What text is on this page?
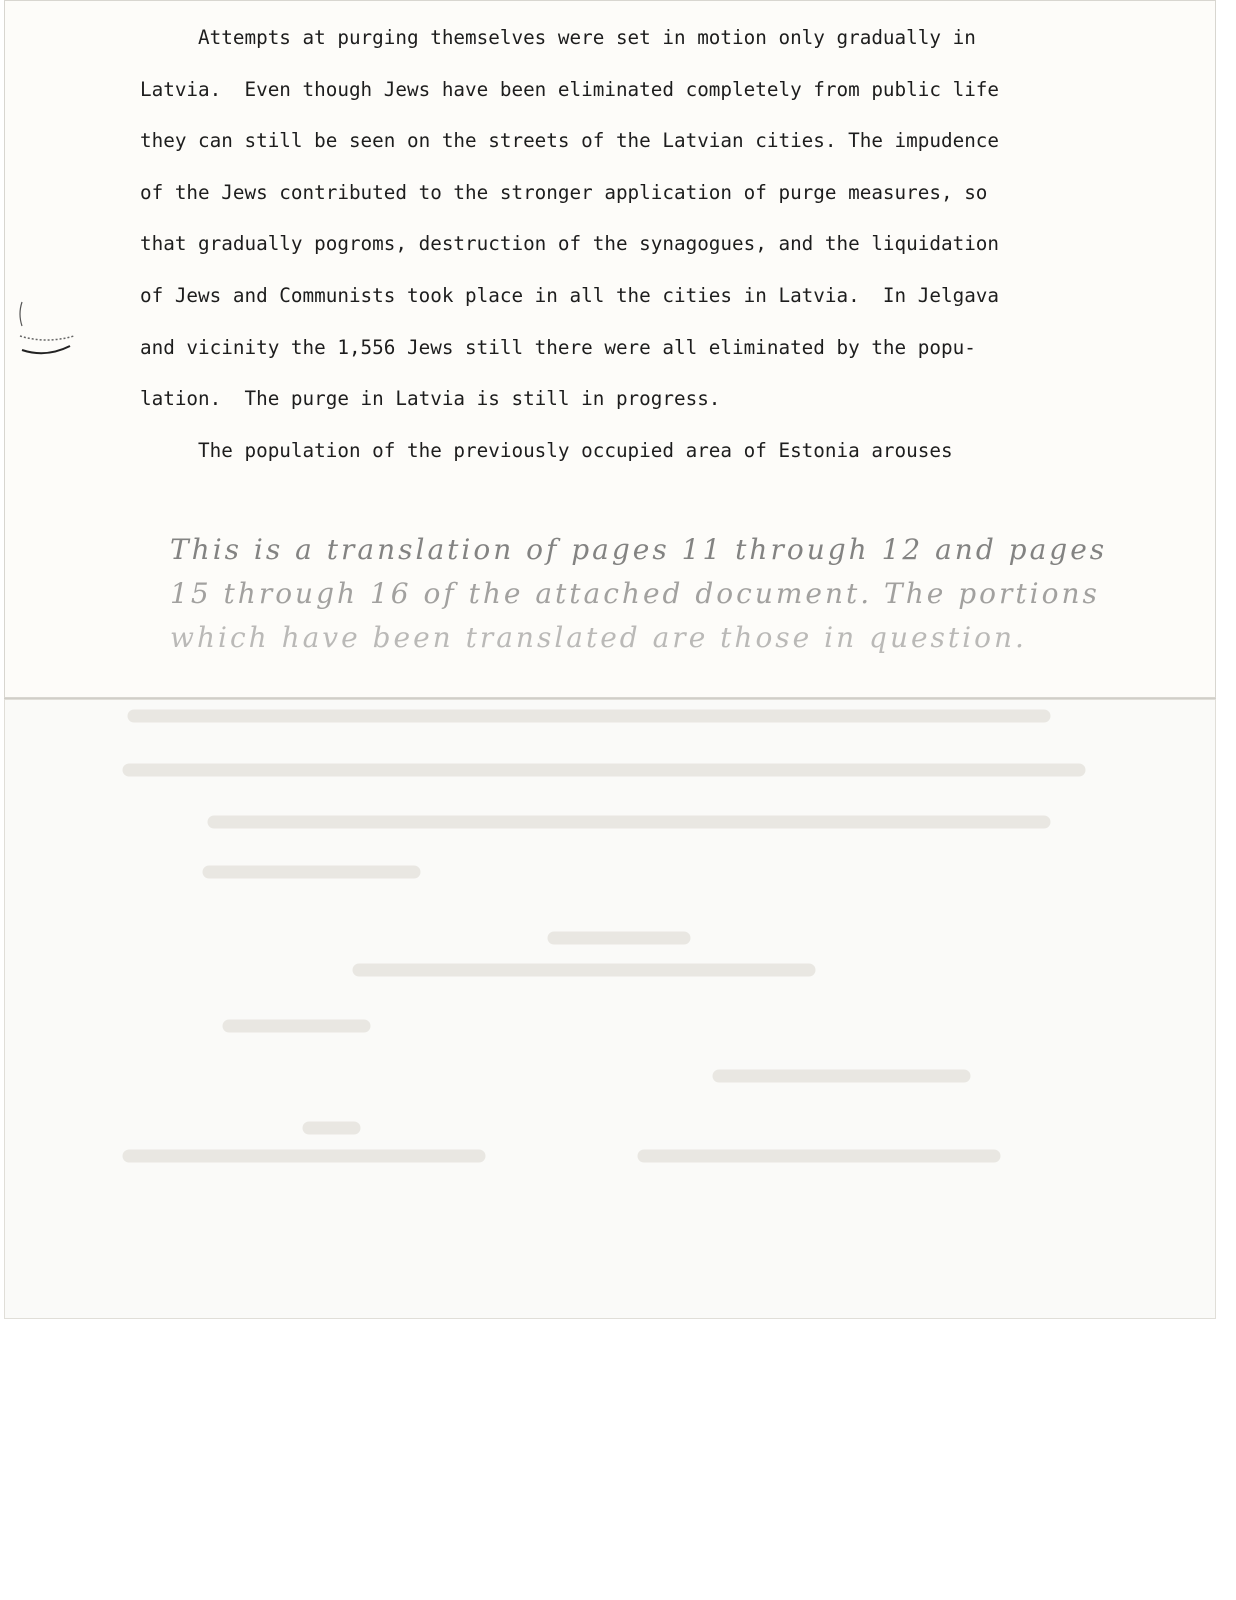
Attempts at purging themselves were set in motion only gradually in

Latvia.  Even though Jews have been eliminated completely from public life

they can still be seen on the streets of the Latvian cities. The impudence

of the Jews contributed to the stronger application of purge measures, so

that gradually pogroms, destruction of the synagogues, and the liquidation

of Jews and Communists took place in all the cities in Latvia.  In Jelgava

and vicinity the 1,556 Jews still there were all eliminated by the popu-

lation.  The purge in Latvia is still in progress.

The population of the previously occupied area of Estonia arouses

This is a translation of pages 11 through 12 and pages

15 through 16 of the attached document. The portions

which have been translated are those in question.
